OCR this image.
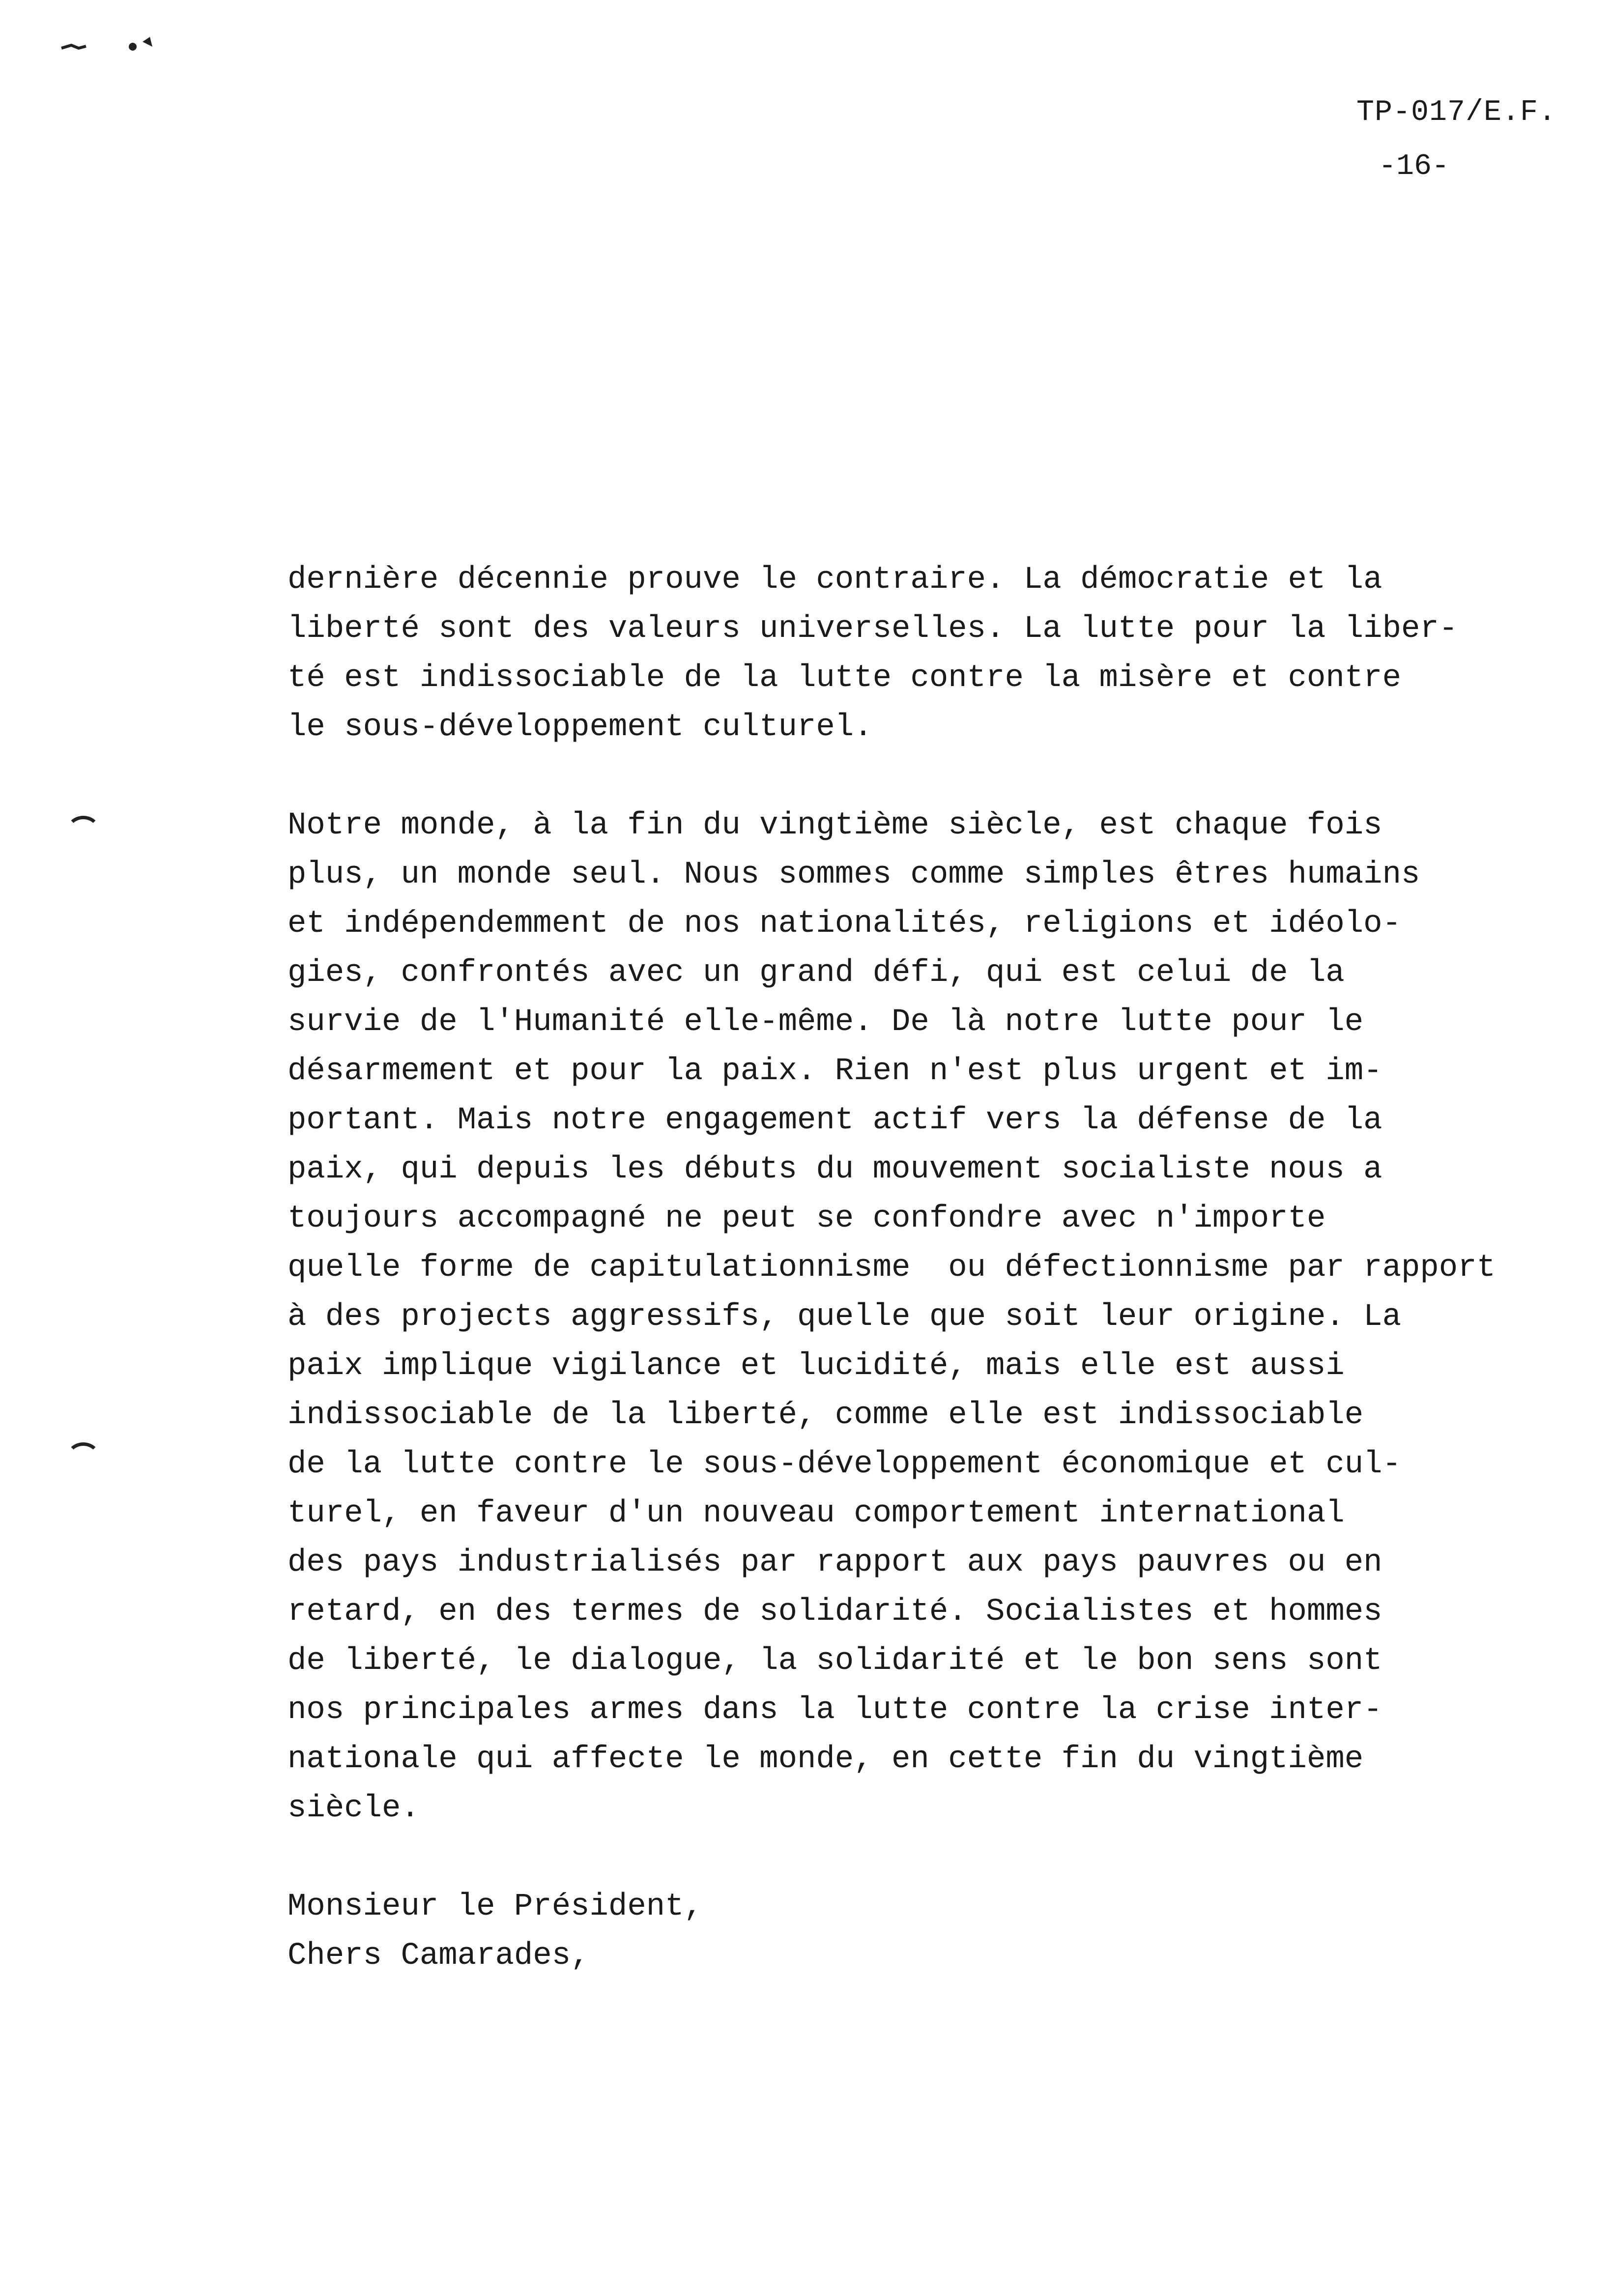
TP-017/E.F.
-16-
dernière décennie prouve le contraire. La démocratie et la
liberté sont des valeurs universelles. La lutte pour la liber-
té est indissociable de la lutte contre la misère et contre
le sous-développement culturel.
Notre monde, à la fin du vingtième siècle, est chaque fois
plus, un monde seul. Nous sommes comme simples êtres humains
et indépendemment de nos nationalités, religions et idéolo-
gies, confrontés avec un grand défi, qui est celui de la
survie de l'Humanité elle-même. De là notre lutte pour le
désarmement et pour la paix. Rien n'est plus urgent et im-
portant. Mais notre engagement actif vers la défense de la
paix, qui depuis les débuts du mouvement socialiste nous a
toujours accompagné ne peut se confondre avec n'importe
quelle forme de capitulationnisme  ou défectionnisme par rapport
à des projects aggressifs, quelle que soit leur origine. La
paix implique vigilance et lucidité, mais elle est aussi
indissociable de la liberté, comme elle est indissociable
de la lutte contre le sous-développement économique et cul-
turel, en faveur d'un nouveau comportement international
des pays industrialisés par rapport aux pays pauvres ou en
retard, en des termes de solidarité. Socialistes et hommes
de liberté, le dialogue, la solidarité et le bon sens sont
nos principales armes dans la lutte contre la crise inter-
nationale qui affecte le monde, en cette fin du vingtième
siècle.
Monsieur le Président,
Chers Camarades,
